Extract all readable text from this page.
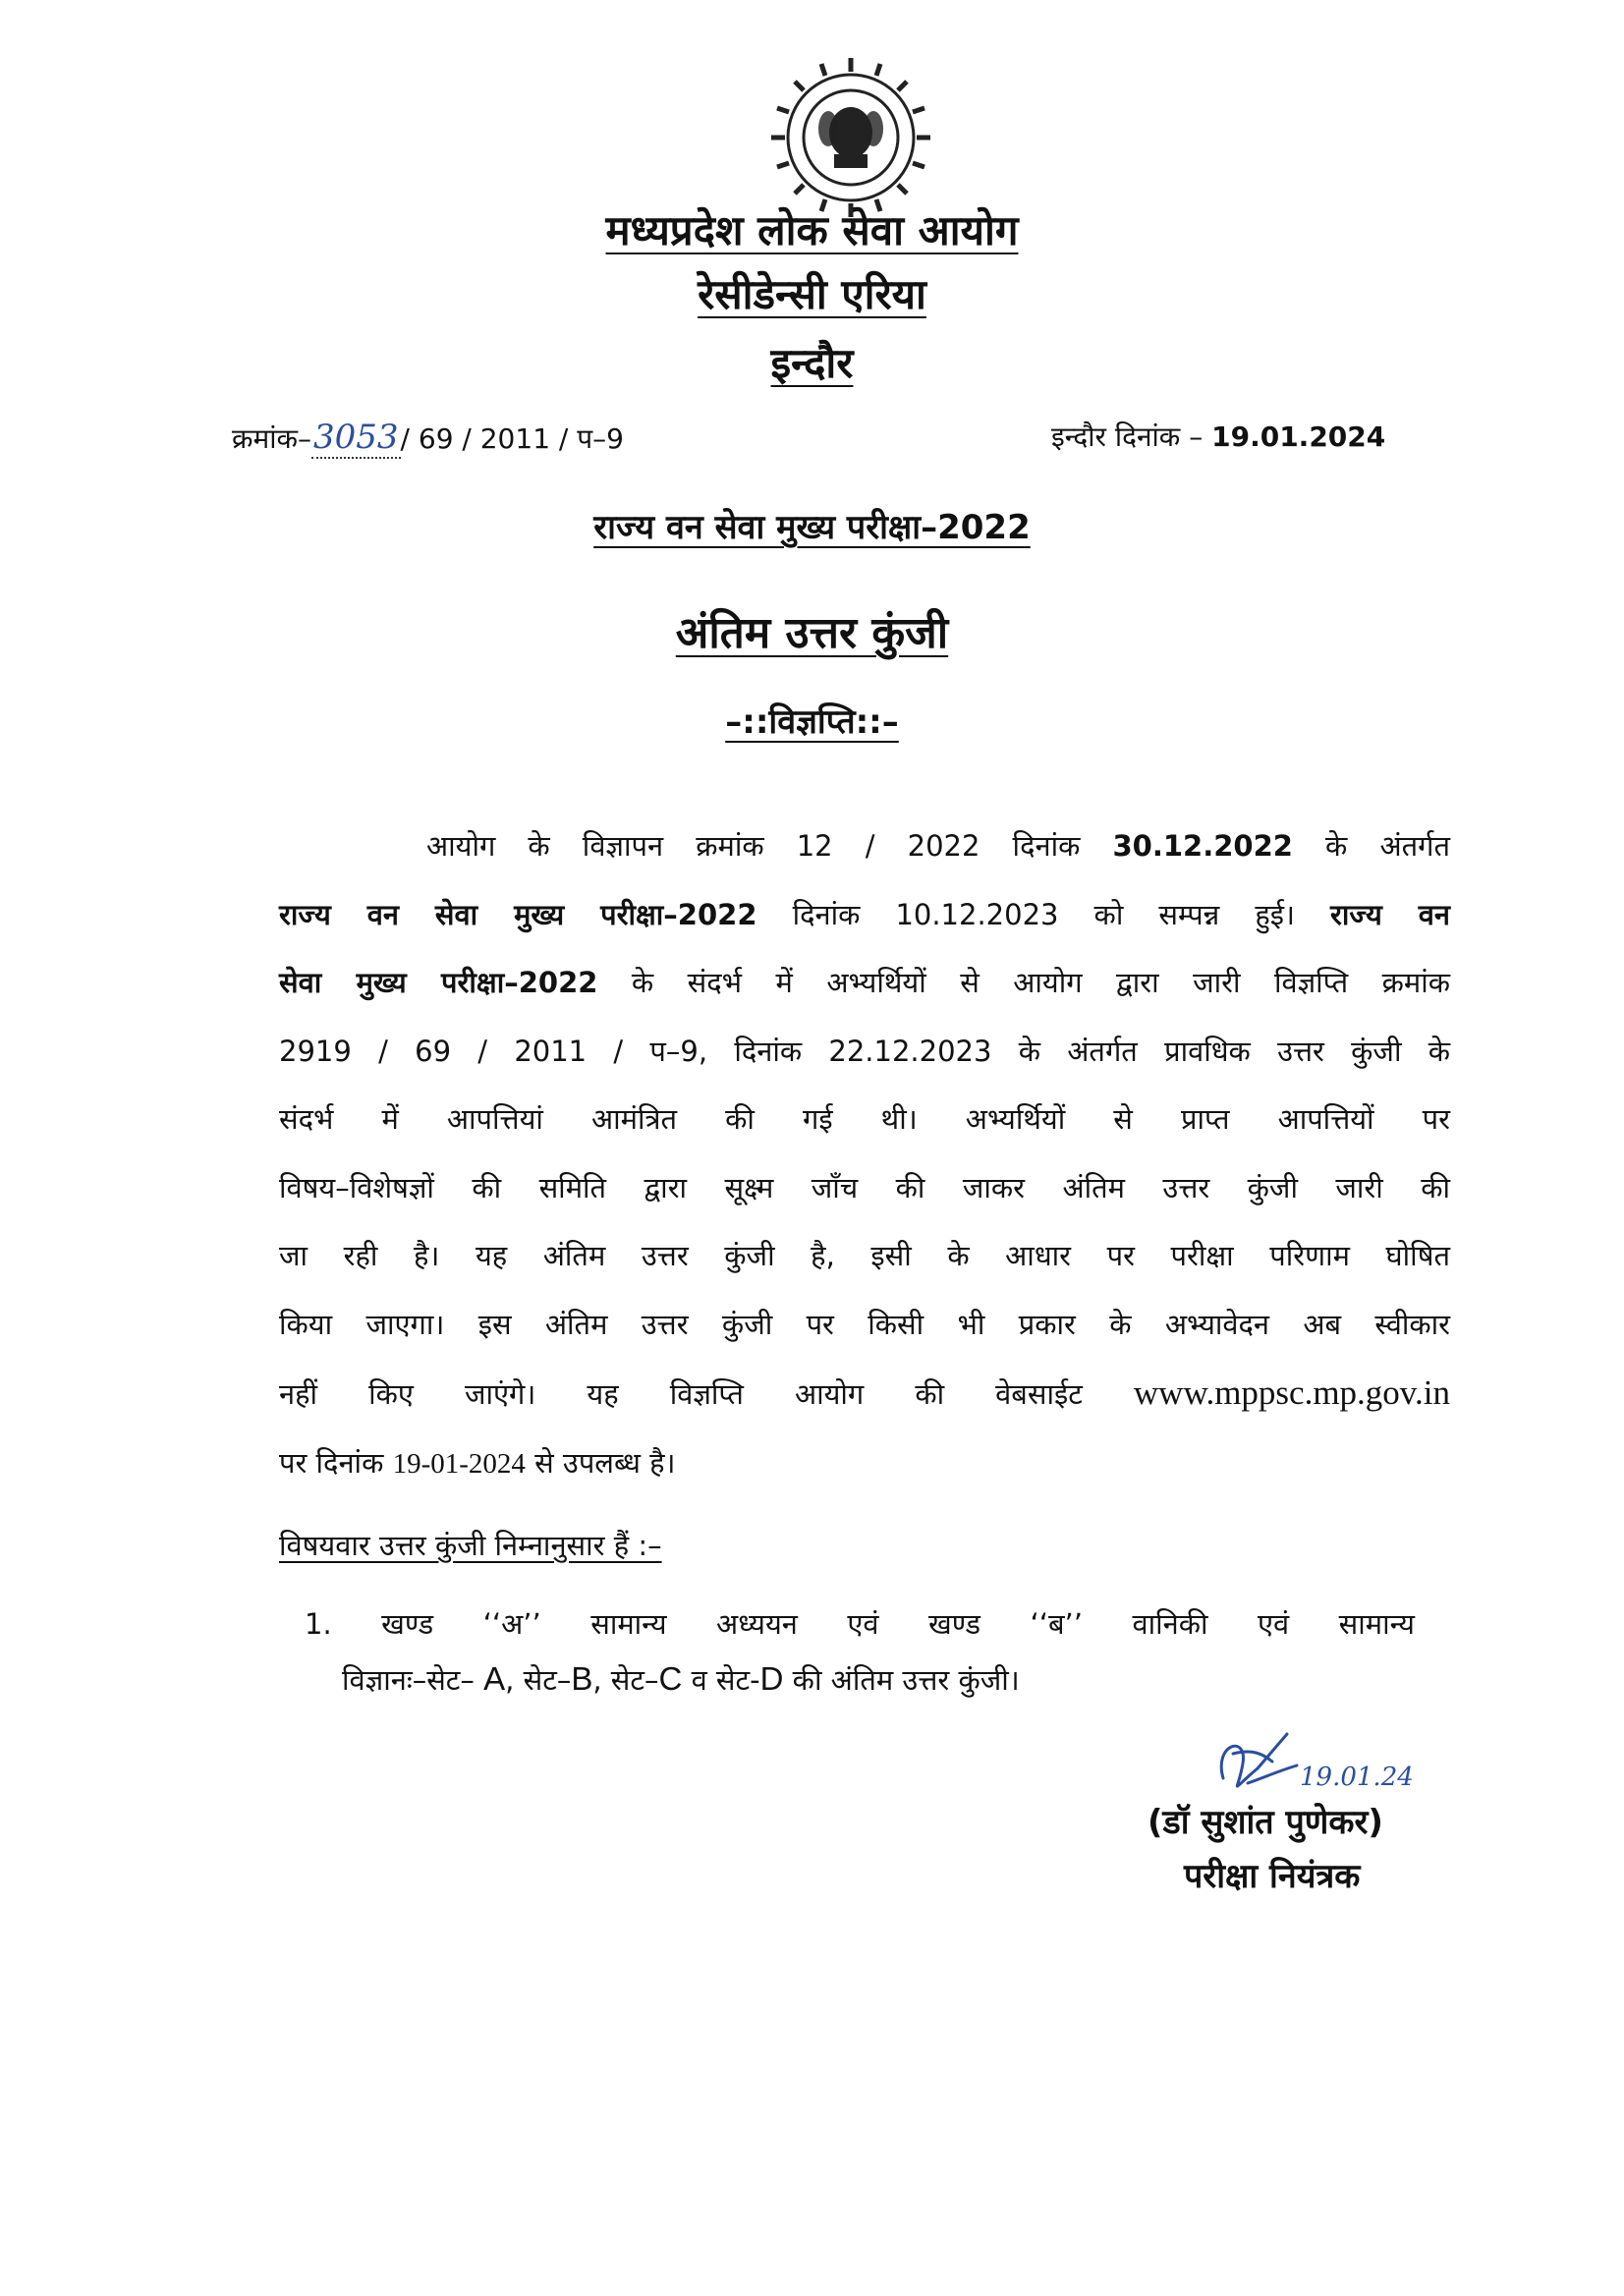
मध्यप्रदेश लोक सेवा आयोग
रेसीडेन्सी एरिया
इन्दौर
क्रमांक–3053/ 69 / 2011 / प–9	इन्दौर दिनांक – 19.01.2024
राज्य वन सेवा मुख्य परीक्षा–2022
अंतिम उत्तर कुंजी
–::विज्ञप्ति::–
आयोग के विज्ञापन क्रमांक 12 / 2022 दिनांक 30.12.2022 के अंतर्गत
राज्य वन सेवा मुख्य परीक्षा–2022 दिनांक 10.12.2023 को सम्पन्न हुई। राज्य वन
सेवा मुख्य परीक्षा–2022 के संदर्भ में अभ्यर्थियों से आयोग द्वारा जारी विज्ञप्ति क्रमांक
2919 / 69 / 2011 / प–9, दिनांक 22.12.2023 के अंतर्गत प्रावधिक उत्तर कुंजी के
संदर्भ में आपत्तियां आमंत्रित की गई थी। अभ्यर्थियों से प्राप्त आपत्तियों पर
विषय–विशेषज्ञों की समिति द्वारा सूक्ष्म जाँच की जाकर अंतिम उत्तर कुंजी जारी की
जा रही है। यह अंतिम उत्तर कुंजी है, इसी के आधार पर परीक्षा परिणाम घोषित
किया जाएगा। इस अंतिम उत्तर कुंजी पर किसी भी प्रकार के अभ्यावेदन अब स्वीकार
नहीं किए जाएंगे। यह विज्ञप्ति आयोग की वेबसाईट www.mppsc.mp.gov.in
पर दिनांक 19-01-2024 से उपलब्ध है।
विषयवार उत्तर कुंजी निम्नानुसार हैं :–
1. खण्ड ‘‘अ’’ सामान्य अध्ययन एवं खण्ड ‘‘ब’’ वानिकी एवं सामान्य
विज्ञानः–सेट– A, सेट–B, सेट–C व सेट-D की अंतिम उत्तर कुंजी।
19.01.24
(डॉ सुशांत पुणेकर)
परीक्षा नियंत्रक
